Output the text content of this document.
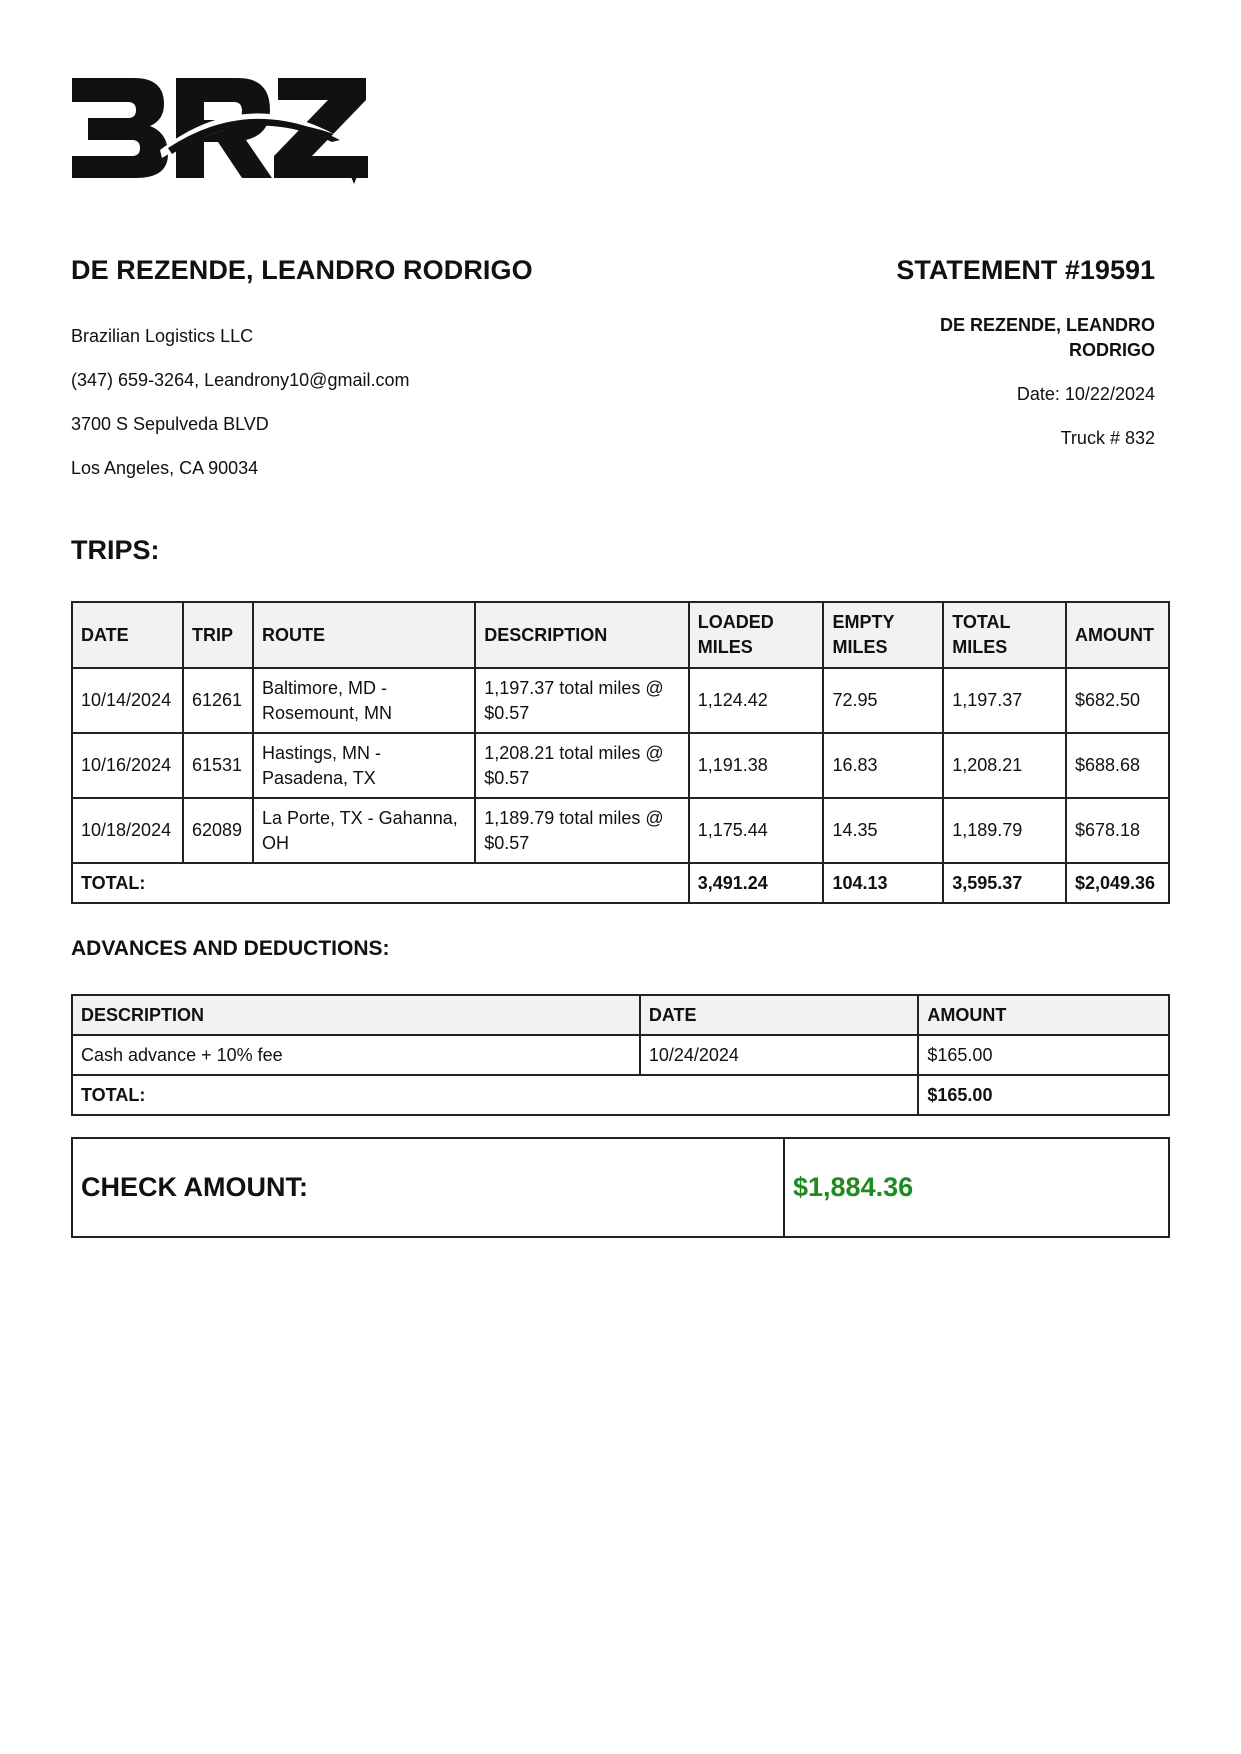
DE REZENDE, LEANDRO RODRIGO	STATEMENT #19591
Brazilian Logistics LLC
(347) 659-3264, Leandrony10@gmail.com
3700 S Sepulveda BLVD
Los Angeles, CA 90034
DE REZENDE, LEANDRO RODRIGO
Date: 10/22/2024
Truck # 832
TRIPS:
DATE	TRIP	ROUTE	DESCRIPTION	LOADED MILES	EMPTY MILES	TOTAL MILES	AMOUNT
10/14/2024	61261	Baltimore, MD - Rosemount, MN	1,197.37 total miles @ $0.57	1,124.42	72.95	1,197.37	$682.50
10/16/2024	61531	Hastings, MN - Pasadena, TX	1,208.21 total miles @ $0.57	1,191.38	16.83	1,208.21	$688.68
10/18/2024	62089	La Porte, TX - Gahanna, OH	1,189.79 total miles @ $0.57	1,175.44	14.35	1,189.79	$678.18
TOTAL:				3,491.24	104.13	3,595.37	$2,049.36
ADVANCES AND DEDUCTIONS:
DESCRIPTION	DATE	AMOUNT
Cash advance + 10% fee	10/24/2024	$165.00
TOTAL:		$165.00
CHECK AMOUNT:	$1,884.36
